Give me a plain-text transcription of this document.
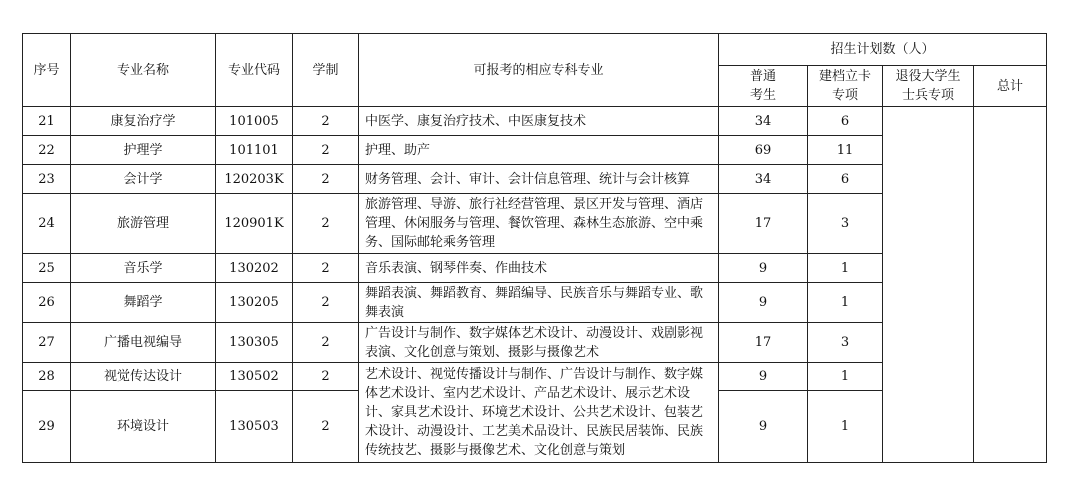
序号	专业名称	专业代码	学制	可报考的相应专科专业	招生计划数（人）			
					普通考生	建档立卡专项	退役大学生士兵专项	总计
21	康复治疗学	101005	2	中医学、康复治疗技术、中医康复技术	34	6		
22	护理学	101101	2	护理、助产	69	11		
23	会计学	120203K	2	财务管理、会计、审计、会计信息管理、统计与会计核算	34	6		
24	旅游管理	120901K	2	旅游管理、导游、旅行社经营管理、景区开发与管理、酒店管理、休闲服务与管理、餐饮管理、森林生态旅游、空中乘务、国际邮轮乘务管理	17	3		
25	音乐学	130202	2	音乐表演、钢琴伴奏、作曲技术	9	1		
26	舞蹈学	130205	2	舞蹈表演、舞蹈教育、舞蹈编导、民族音乐与舞蹈专业、歌舞表演	9	1		
27	广播电视编导	130305	2	广告设计与制作、数字媒体艺术设计、动漫设计、戏剧影视表演、文化创意与策划、摄影与摄像艺术	17	3		
28	视觉传达设计	130502	2	艺术设计、视觉传播设计与制作、广告设计与制作、数字媒体艺术设计、室内艺术设计、产品艺术设计、展示艺术设计、家具艺术设计、环境艺术设计、公共艺术设计、包装艺术设计、动漫设计、工艺美术品设计、民族民居装饰、民族传统技艺、摄影与摄像艺术、文化创意与策划	9	1		
29	环境设计	130503	2		9	1		
